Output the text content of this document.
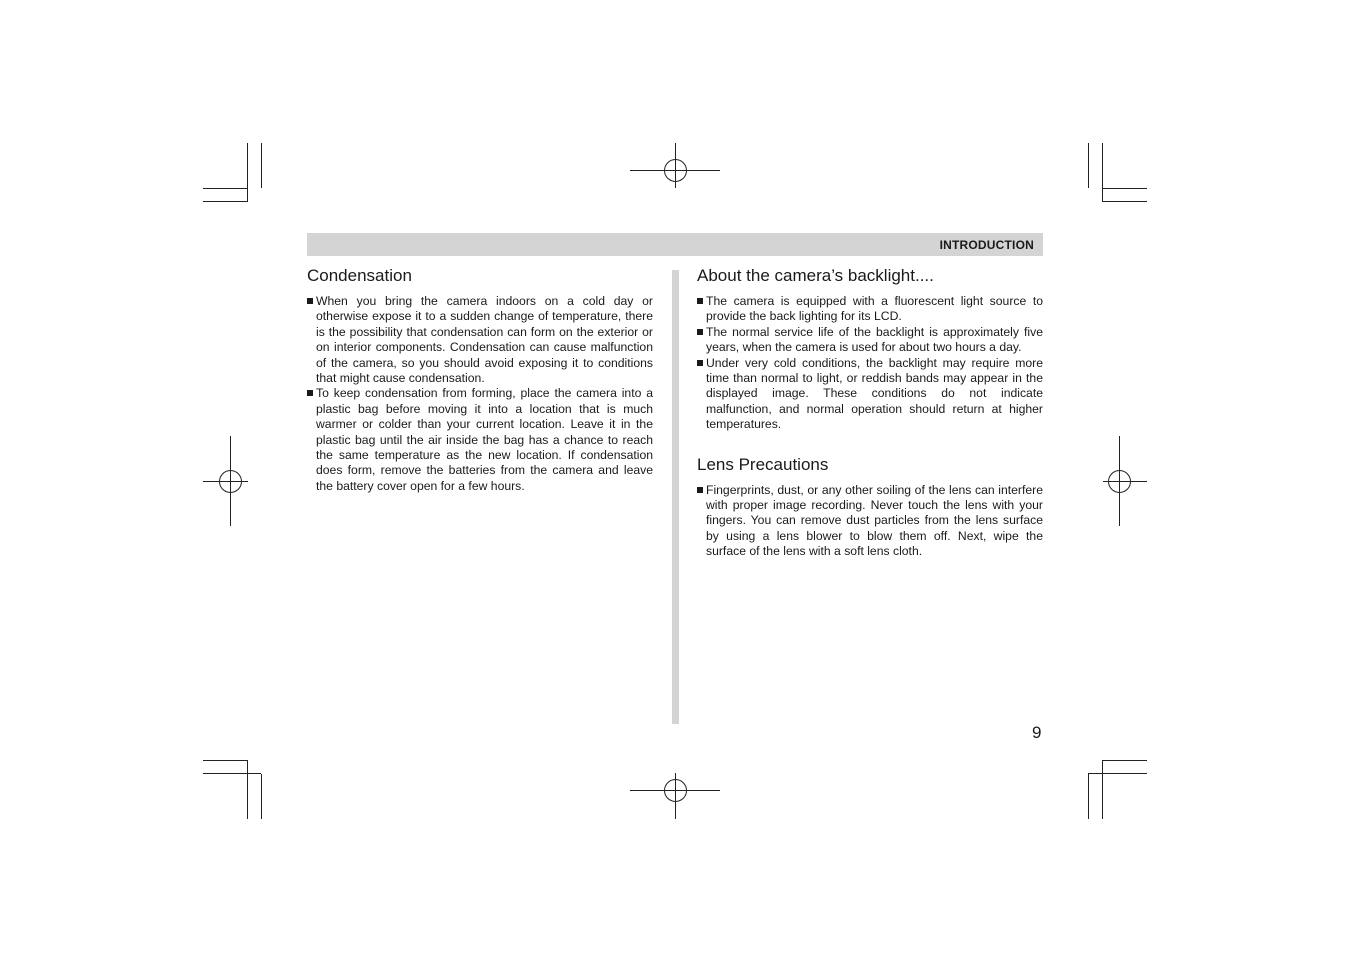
INTRODUCTION
Condensation
When you bring the camera indoors on a cold day or otherwise expose it to a sudden change of temperature, there is the possibility that condensation can form on the exterior or on interior components. Condensation can cause malfunction of the camera, so you should avoid exposing it to conditions that might cause condensation.
To keep condensation from forming, place the camera into a plastic bag before moving it into a location that is much warmer or colder than your current location. Leave it in the plastic bag until the air inside the bag has a chance to reach the same temperature as the new location. If condensation does form, remove the batteries from the camera and leave the battery cover open for a few hours.
About the camera’s backlight....
The camera is equipped with a fluorescent light source to provide the back lighting for its LCD.
The normal service life of the backlight is approximately five years, when the camera is used for about two hours a day.
Under very cold conditions, the backlight may require more time than normal to light, or reddish bands may appear in the displayed image. These conditions do not indicate malfunction, and normal operation should return at higher temperatures.
Lens Precautions
Fingerprints, dust, or any other soiling of the lens can interfere with proper image recording. Never touch the lens with your fingers. You can remove dust particles from the lens surface by using a lens blower to blow them off. Next, wipe the surface of the lens with a soft lens cloth.
9
